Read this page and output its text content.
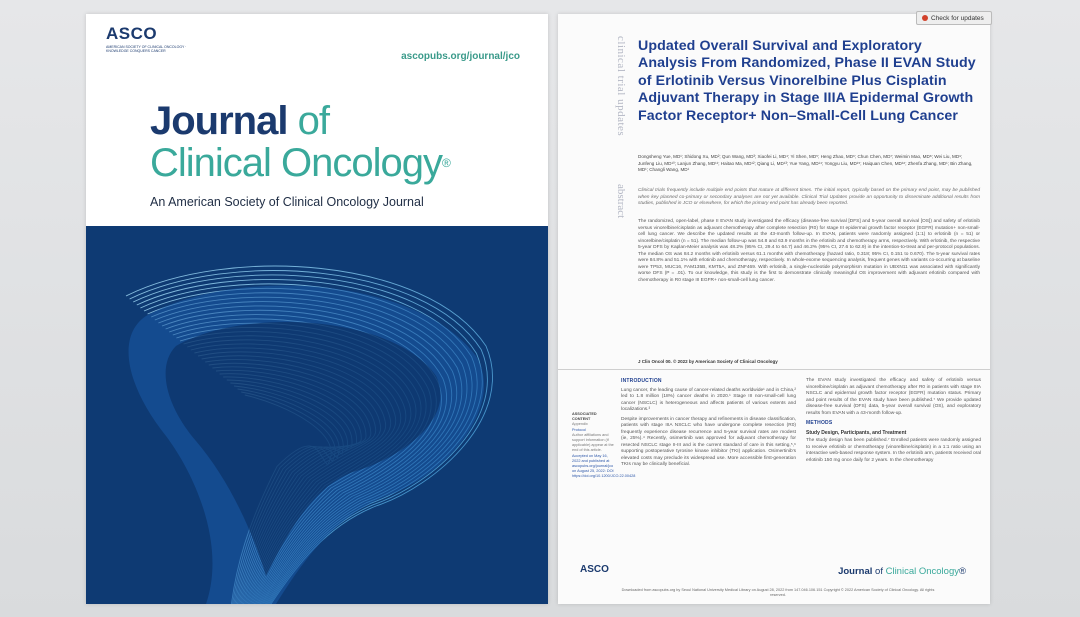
ASCO
AMERICAN SOCIETY OF CLINICAL ONCOLOGY · KNOWLEDGE CONQUERS CANCER	ascopubs.org/journal/jco
Journal of
Clinical Oncology®
An American Society of Clinical Oncology Journal
Check for updates
clinical trial updates
abstract
Updated Overall Survival and Exploratory Analysis From Randomized, Phase II EVAN Study of Erlotinib Versus Vinorelbine Plus Cisplatin Adjuvant Therapy in Stage IIIA Epidermal Growth Factor Receptor+ Non–Small-Cell Lung Cancer
Dongsheng Yue, MD¹; Shidong Xu, MD²; Qun Wang, MD³; Xiaofei Li, MD⁴; Yi Shen, MD⁵; Heng Zhao, MD⁶; Chun Chen, MD⁷; Weimin Mao, MD⁸; Wei Liu, MD⁹; Junfeng Liu, MD¹⁰; Lanjun Zhang, MD¹¹; Haitao Ma, MD¹²; Qiang Li, MD¹³; Yue Yang, MD¹⁴; Yongyu Liu, MD¹⁵; Haiquan Chen, MD¹⁶; Zhenfa Zhang, MD¹; Bin Zhang, MD¹; Changli Wang, MD¹
Clinical trials frequently include multiple end points that mature at different times. The initial report, typically based on the primary end point, may be published when key planned co-primary or secondary analyses are not yet available. Clinical Trial Updates provide an opportunity to disseminate additional results from studies, published in JCO or elsewhere, for which the primary end point has already been reported.
The randomized, open-label, phase II EVAN study investigated the efficacy (disease-free survival [DFS] and 5-year overall survival [OS]) and safety of erlotinib versus vinorelbine/cisplatin as adjuvant chemotherapy after complete resection (R0) for stage III epidermal growth factor receptor (EGFR) mutation+ non-small-cell lung cancer. We describe the updated results at the 43-month follow-up. In EVAN, patients were randomly assigned (1:1) to erlotinib (n = 51) or vinorelbine/cisplatin (n = 51). The median follow-up was 54.8 and 63.9 months in the erlotinib and chemotherapy arms, respectively. With erlotinib, the respective 5-year DFS by Kaplan-Meier analysis was 48.2% (95% CI, 29.4 to 64.7) and 46.2% (95% CI, 27.6 to 62.9) in the intention-to-treat and per-protocol populations. The median OS was 84.2 months with erlotinib versus 61.1 months with chemotherapy (hazard ratio, 0.318; 95% CI, 0.151 to 0.670). The 5-year survival rates were 84.8% and 51.1% with erlotinib and chemotherapy, respectively. In whole-exome sequencing analysis, frequent genes with variants co-occurring at baseline were TP53, MUC16, FAM135B, KMT5A, and ZNF469. With erlotinib, a single-nucleotide polymorphism mutation in UBXN11 was associated with significantly worse DFS (P = .01). To our knowledge, this study is the first to demonstrate clinically meaningful OS improvement with adjuvant erlotinib compared with chemotherapy in R0 stage III EGFR+ non-small-cell lung cancer.
J Clin Oncol 00. © 2022 by American Society of Clinical Oncology
ASSOCIATED CONTENT
Appendix
Protocol
Author affiliations and support information (if applicable) appear at the end of this article.
Accepted on May 16, 2022 and published at ascopubs.org/journal/jco on August 25, 2022: DOI https://doi.org/10.1200/JCO.22.00428
INTRODUCTION
Lung cancer, the leading cause of cancer-related deaths worldwide¹ and in China,² led to 1.8 million (18%) cancer deaths in 2020.¹ Stage III non-small-cell lung cancer (NSCLC) is heterogeneous and affects patients of various extents and localizations.³
Despite improvements in cancer therapy and refinements in disease classification, patients with stage IIIA NSCLC who have undergone complete resection (R0) frequently experience disease recurrence and 5-year survival rates are modest (ie, 25%).⁴ Recently, osimertinib was approved for adjuvant chemotherapy for resected NSCLC stage II-III and is the current standard of care in this setting,⁵,⁶ supporting postoperative tyrosine kinase inhibitor (TKI) application. Osimertinib's elevated costs may preclude its widespread use. More accessible first-generation TKIs may be clinically beneficial.
The EVAN study investigated the efficacy and safety of erlotinib versus vinorelbine/cisplatin as adjuvant chemotherapy after R0 in patients with stage IIIA NSCLC and epidermal growth factor receptor (EGFR) mutation status. Primary and point results of the EVAN study have been published.⁷ We provide updated disease-free survival (DFS) data, 5-year overall survival (OS), and exploratory results from EVAN with a 43-month follow-up.
METHODS
Study Design, Participants, and Treatment
The study design has been published.⁷ Enrolled patients were randomly assigned to receive erlotinib or chemotherapy (vinorelbine/cisplatin) in a 1:1 ratio using an interactive web-based response system. In the erlotinib arm, patients received oral erlotinib 150 mg once daily for 2 years. In the chemotherapy
ASCO	Journal of Clinical Oncology®
Downloaded from ascopubs.org by Seoul National University Medical Library on August 28, 2022 from 147.046.106.151 Copyright © 2022 American Society of Clinical Oncology. All rights reserved.
